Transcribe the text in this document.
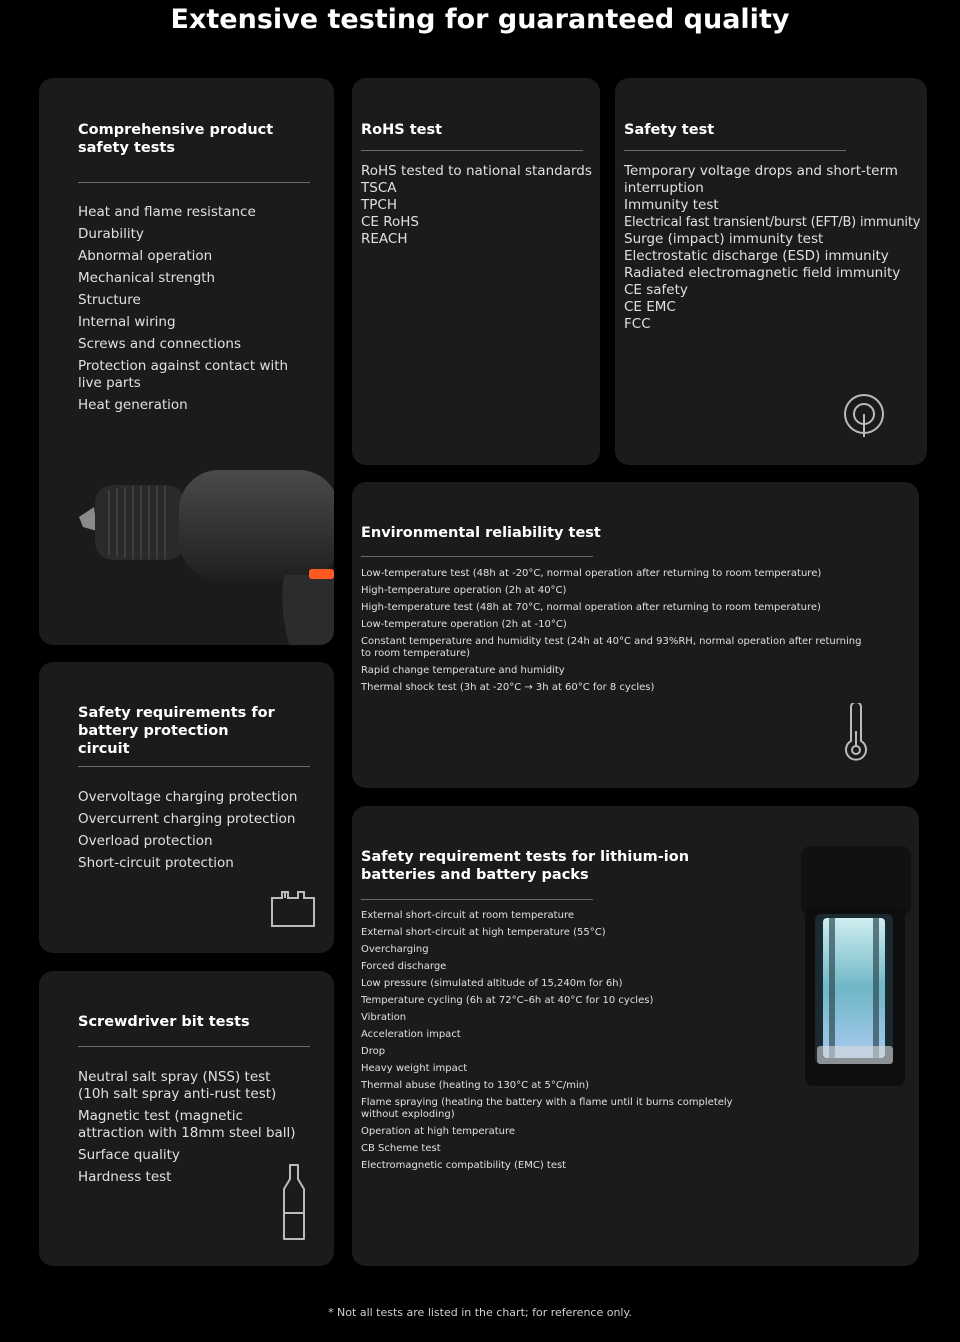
Extensive testing for guaranteed quality
Comprehensive product safety tests
Heat and flame resistance
Durability
Abnormal operation
Mechanical strength
Structure
Internal wiring
Screws and connections
Protection against contact with live parts
Heat generation
RoHS test
RoHS tested to national standards
TSCA
TPCH
CE RoHS
REACH
Safety test
Temporary voltage drops and short-term interruption
Immunity test
Electrical fast transient/burst (EFT/B) immunity
Surge (impact) immunity test
Electrostatic discharge (ESD) immunity
Radiated electromagnetic field immunity
CE safety
CE EMC
FCC
Environmental reliability test
Low-temperature test (48h at -20°C, normal operation after returning to room temperature)
High-temperature operation (2h at 40°C)
High-temperature test (48h at 70°C, normal operation after returning to room temperature)
Low-temperature operation (2h at -10°C)
Constant temperature and humidity test (24h at 40°C and 93%RH, normal operation after returning to room temperature)
Rapid change temperature and humidity
Thermal shock test (3h at -20°C → 3h at 60°C for 8 cycles)
Safety requirements for battery protection circuit
Overvoltage charging protection
Overcurrent charging protection
Overload protection
Short-circuit protection	Safety requirement tests for lithium-ion batteries and battery packs
External short-circuit at room temperature
External short-circuit at high temperature (55°C)
Overcharging
Forced discharge
Low pressure (simulated altitude of 15,240m for 6h)
Temperature cycling (6h at 72°C–6h at 40°C for 10 cycles)
Vibration
Acceleration impact
Drop
Heavy weight impact
Thermal abuse (heating to 130°C at 5°C/min)
Flame spraying (heating the battery with a flame until it burns completely without exploding)
Operation at high temperature
CB Scheme test
Electromagnetic compatibility (EMC) test
Screwdriver bit tests
Neutral salt spray (NSS) test (10h salt spray anti-rust test)
Magnetic test (magnetic attraction with 18mm steel ball)
Surface quality
Hardness test
* Not all tests are listed in the chart; for reference only.
